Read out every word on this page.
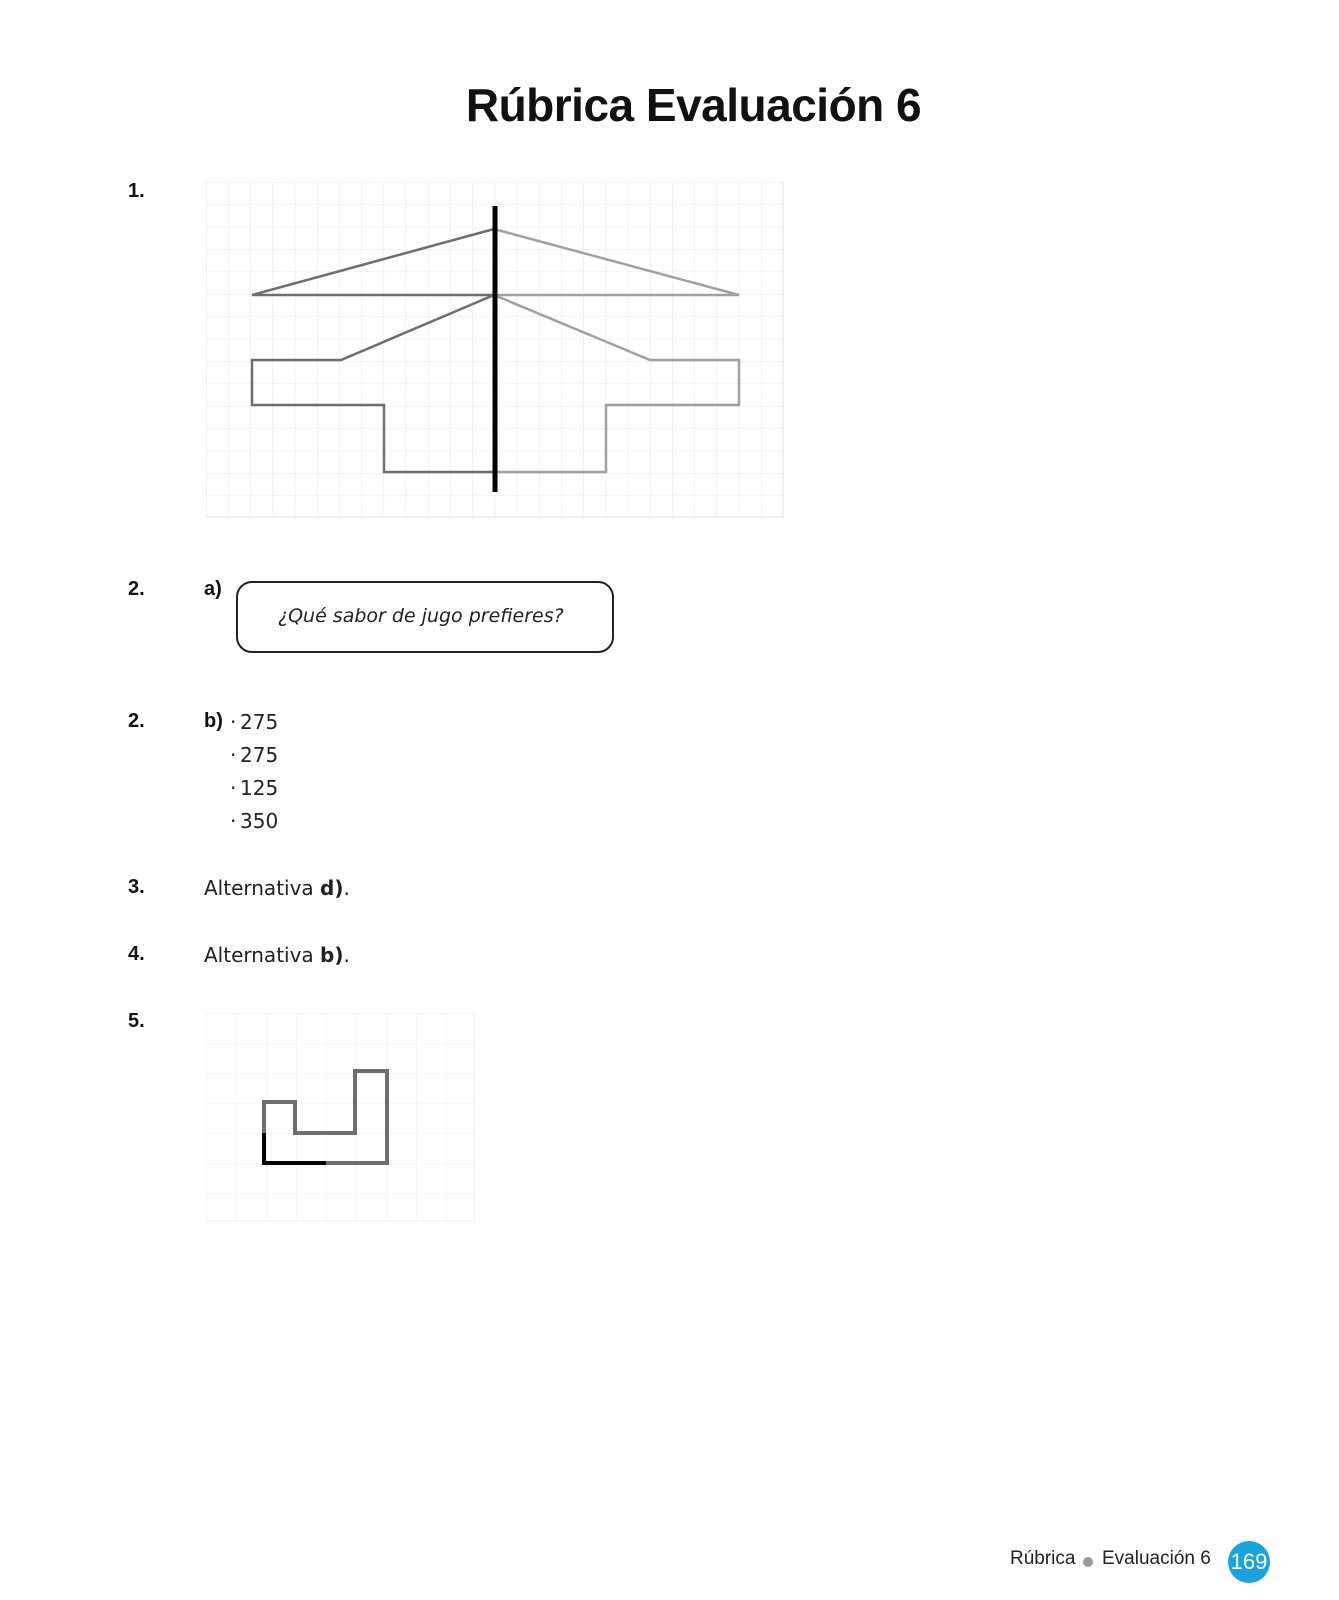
Rúbrica Evaluación 6
1.
2.	a)
¿Qué sabor de jugo prefieres?
2.	b) · 275
· 275
· 125
· 350
3.	Alternativa d).
4.	Alternativa b).
5.
Rúbrica Evaluación 6 169
